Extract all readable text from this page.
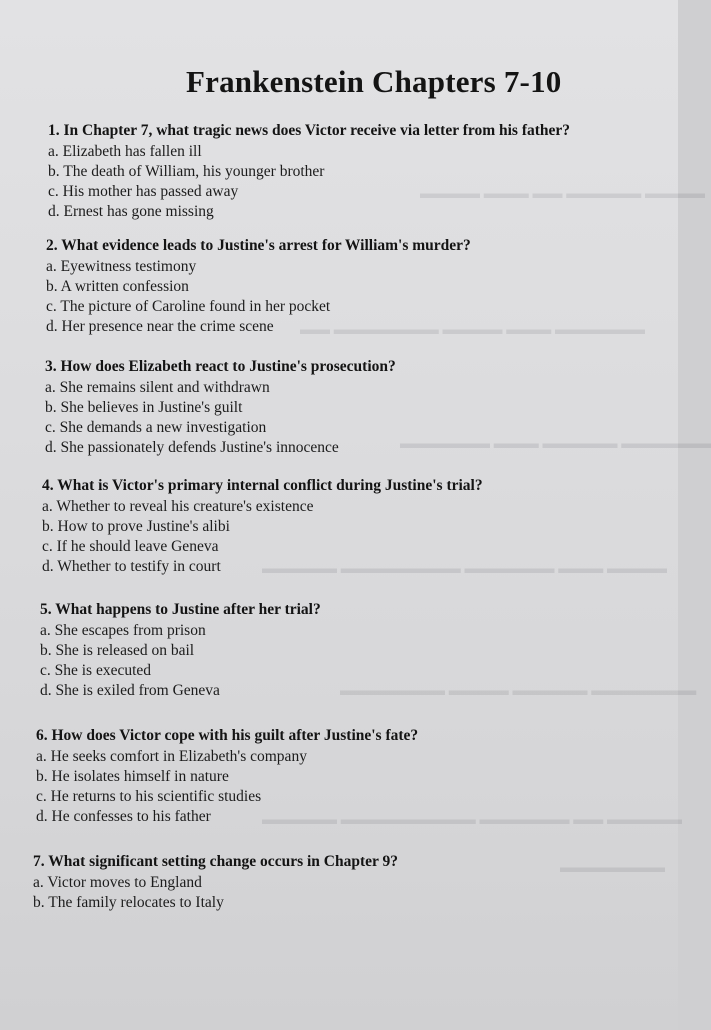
▬▬▬▬ ▬▬▬▬▬ ▬▬ ▬▬▬ ▬▬▬▬
▬▬▬▬▬▬ ▬▬▬ ▬▬▬▬ ▬▬▬▬▬▬▬ ▬▬
▬▬▬▬▬▬ ▬▬▬▬▬ ▬▬▬ ▬▬▬▬▬▬
▬▬▬▬ ▬▬▬ ▬▬▬▬▬▬ ▬▬▬▬▬▬▬▬ ▬▬▬▬▬
▬▬▬▬▬▬▬ ▬▬▬▬▬ ▬▬▬▬ ▬▬▬▬▬▬▬
▬▬▬▬▬ ▬▬ ▬▬▬▬▬▬ ▬▬▬▬▬▬▬▬▬ ▬▬▬▬▬
▬▬▬▬▬▬▬
Frankenstein Chapters 7-10

1. In Chapter 7, what tragic news does Victor receive via letter from his father?

a. Elizabeth has fallen ill

b. The death of William, his younger brother

c. His mother has passed away

d. Ernest has gone missing

2. What evidence leads to Justine's arrest for William's murder?

a. Eyewitness testimony

b. A written confession

c. The picture of Caroline found in her pocket

d. Her presence near the crime scene

3. How does Elizabeth react to Justine's prosecution?

a. She remains silent and withdrawn

b. She believes in Justine's guilt

c. She demands a new investigation

d. She passionately defends Justine's innocence

4. What is Victor's primary internal conflict during Justine's trial?

a. Whether to reveal his creature's existence

b. How to prove Justine's alibi

c. If he should leave Geneva

d. Whether to testify in court

5. What happens to Justine after her trial?

a. She escapes from prison

b. She is released on bail

c. She is executed

d. She is exiled from Geneva

6. How does Victor cope with his guilt after Justine's fate?

a. He seeks comfort in Elizabeth's company

b. He isolates himself in nature

c. He returns to his scientific studies

d. He confesses to his father

7. What significant setting change occurs in Chapter 9?

a. Victor moves to England

b. The family relocates to Italy
